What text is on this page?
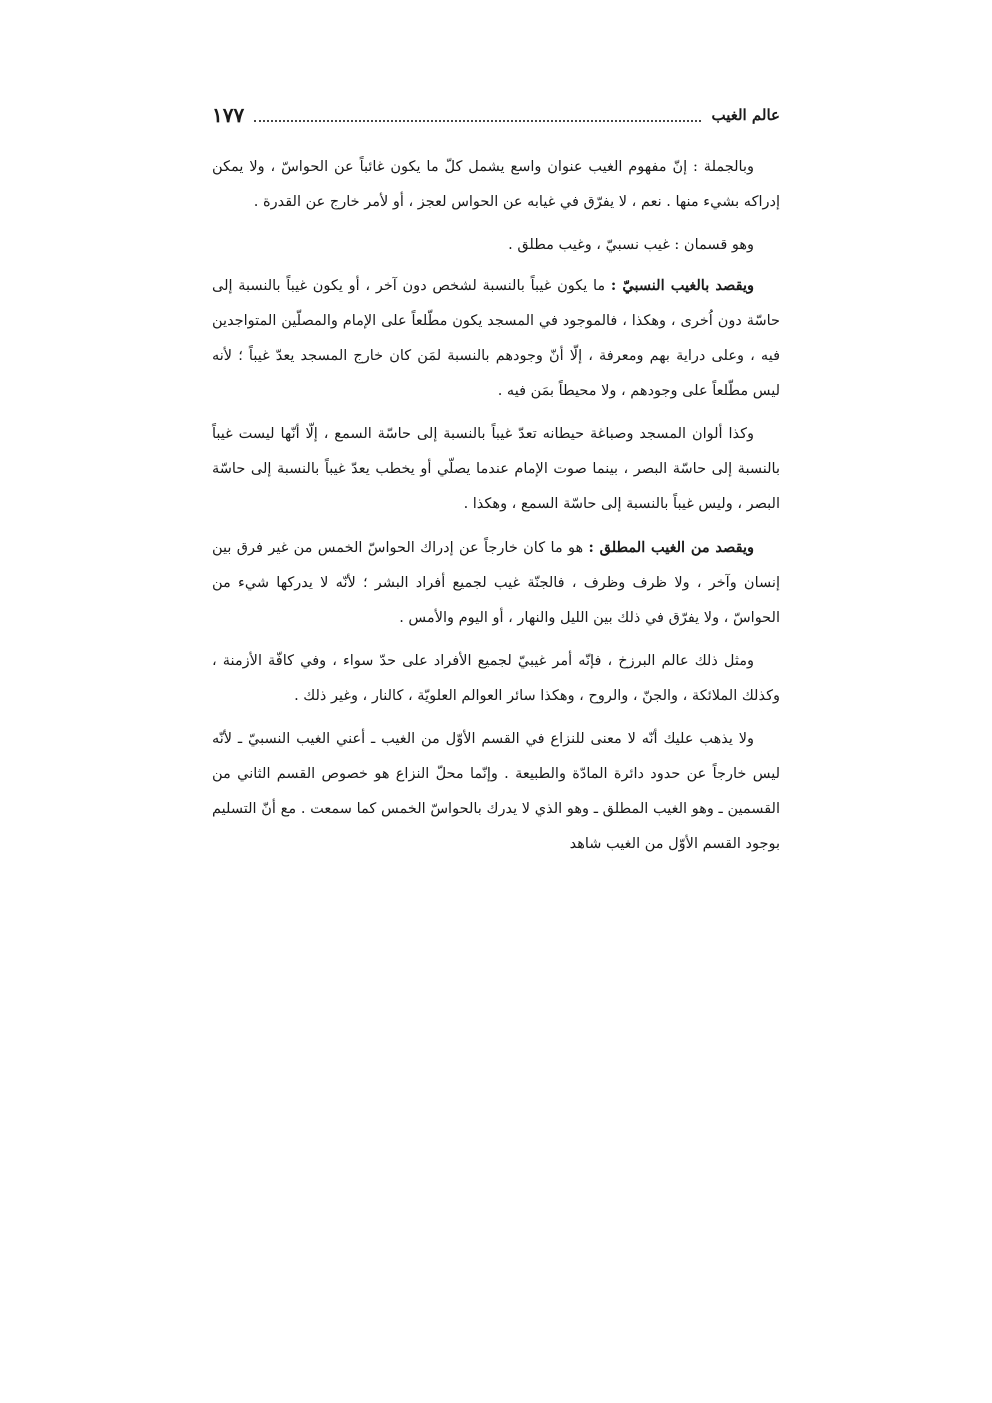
عالم الغيب
١٧٧

وبالجملة : إنّ مفهوم الغيب عنوان واسع يشمل كلّ ما يكون غائباً عن الحواسّ ، ولا يمكن إدراكه بشيء منها . نعم ، لا يفرّق في غيابه عن الحواس لعجز ، أو لأمر خارج عن القدرة .

وهو قسمان : غيب نسبيّ ، وغيب مطلق .

ويقصد بالغيب النسبيّ : ما يكون غيباً بالنسبة لشخص دون آخر ، أو يكون غيباً بالنسبة إلى حاسّة دون اُخرى ، وهكذا ، فالموجود في المسجد يكون مطّلعاً على الإمام والمصلّين المتواجدين فيه ، وعلى دراية بهم ومعرفة ، إلّا أنّ وجودهم بالنسبة لمَن كان خارج المسجد يعدّ غيباً ؛ لأنه ليس مطّلعاً على وجودهم ، ولا محيطاً بمَن فيه .

وكذا ألوان المسجد وصباغة حيطانه تعدّ غيباً بالنسبة إلى حاسّة السمع ، إلّا أنّها ليست غيباً بالنسبة إلى حاسّة البصر ، بينما صوت الإمام عندما يصلّي أو يخطب يعدّ غيباً بالنسبة إلى حاسّة البصر ، وليس غيباً بالنسبة إلى حاسّة السمع ، وهكذا .

ويقصد من الغيب المطلق : هو ما كان خارجاً عن إدراك الحواسّ الخمس من غير فرق بين إنسان وآخر ، ولا ظرف وظرف ، فالجنّة غيب لجميع أفراد البشر ؛ لأنّه لا يدركها شيء من الحواسّ ، ولا يفرّق في ذلك بين الليل والنهار ، أو اليوم والأمس .

ومثل ذلك عالم البرزخ ، فإنّه أمر غيبيّ لجميع الأفراد على حدّ سواء ، وفي كافّة الأزمنة ، وكذلك الملائكة ، والجنّ ، والروح ، وهكذا سائر العوالم العلويّة ، كالنار ، وغير ذلك .

ولا يذهب عليك أنّه لا معنى للنزاع في القسم الأوّل من الغيب ـ أعني الغيب النسبيّ ـ لأنّه ليس خارجاً عن حدود دائرة المادّة والطبيعة . وإنّما محلّ النزاع هو خصوص القسم الثاني من القسمين ـ وهو الغيب المطلق ـ وهو الذي لا يدرك بالحواسّ الخمس كما سمعت . مع أنّ التسليم بوجود القسم الأوّل من الغيب شاهد
